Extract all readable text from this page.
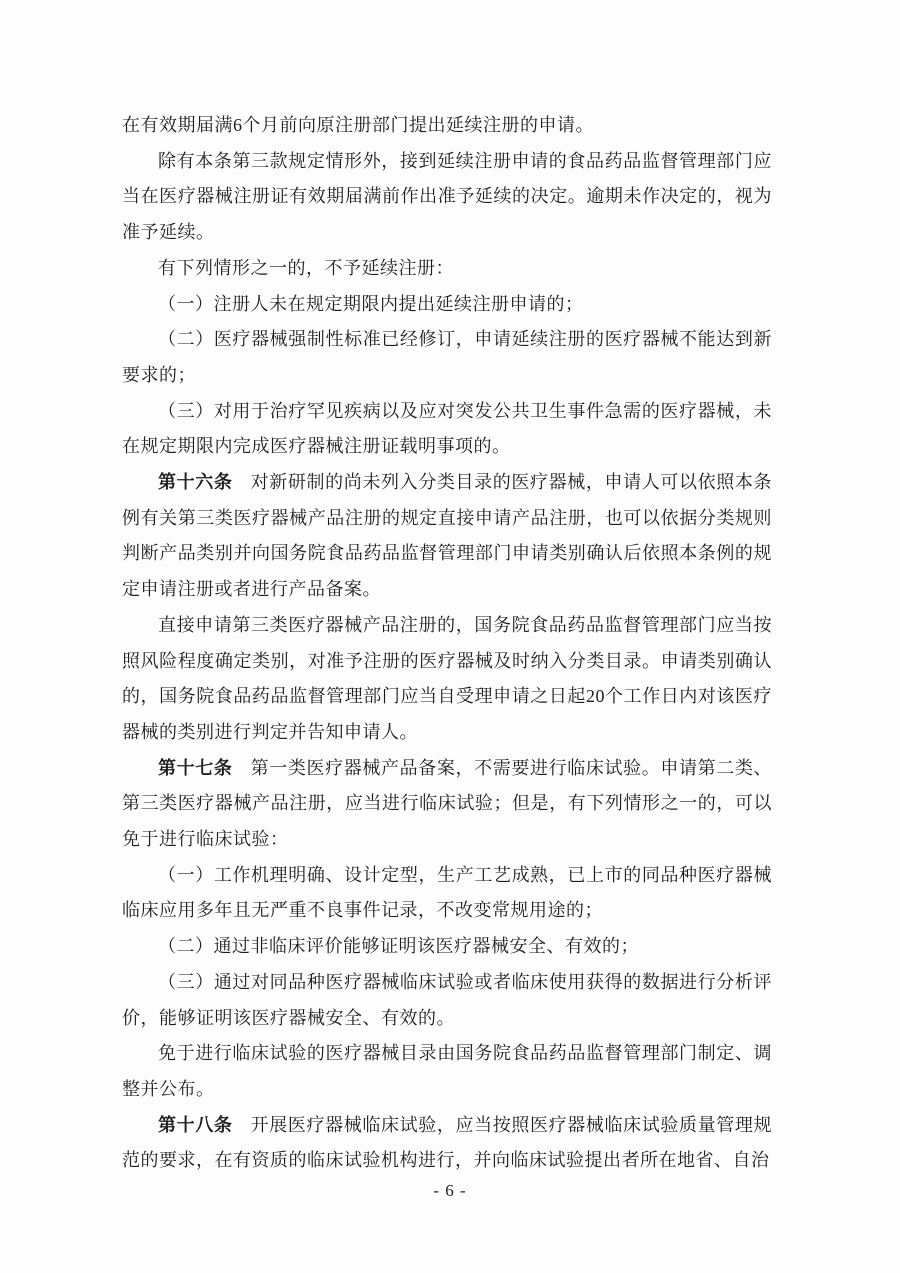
在有效期届满6个月前向原注册部门提出延续注册的申请。

除有本条第三款规定情形外，接到延续注册申请的食品药品监督管理部门应当在医疗器械注册证有效期届满前作出准予延续的决定。逾期未作决定的，视为准予延续。

有下列情形之一的，不予延续注册：

（一）注册人未在规定期限内提出延续注册申请的；

（二）医疗器械强制性标准已经修订，申请延续注册的医疗器械不能达到新要求的；

（三）对用于治疗罕见疾病以及应对突发公共卫生事件急需的医疗器械，未在规定期限内完成医疗器械注册证载明事项的。

第十六条 对新研制的尚未列入分类目录的医疗器械，申请人可以依照本条例有关第三类医疗器械产品注册的规定直接申请产品注册，也可以依据分类规则判断产品类别并向国务院食品药品监督管理部门申请类别确认后依照本条例的规定申请注册或者进行产品备案。

直接申请第三类医疗器械产品注册的，国务院食品药品监督管理部门应当按照风险程度确定类别，对准予注册的医疗器械及时纳入分类目录。申请类别确认的，国务院食品药品监督管理部门应当自受理申请之日起20个工作日内对该医疗器械的类别进行判定并告知申请人。

第十七条 第一类医疗器械产品备案，不需要进行临床试验。申请第二类、第三类医疗器械产品注册，应当进行临床试验；但是，有下列情形之一的，可以免于进行临床试验：

（一）工作机理明确、设计定型，生产工艺成熟，已上市的同品种医疗器械临床应用多年且无严重不良事件记录，不改变常规用途的；

（二）通过非临床评价能够证明该医疗器械安全、有效的；

（三）通过对同品种医疗器械临床试验或者临床使用获得的数据进行分析评价，能够证明该医疗器械安全、有效的。

免于进行临床试验的医疗器械目录由国务院食品药品监督管理部门制定、调整并公布。

第十八条 开展医疗器械临床试验，应当按照医疗器械临床试验质量管理规范的要求，在有资质的临床试验机构进行，并向临床试验提出者所在地省、自治

- 6 -
